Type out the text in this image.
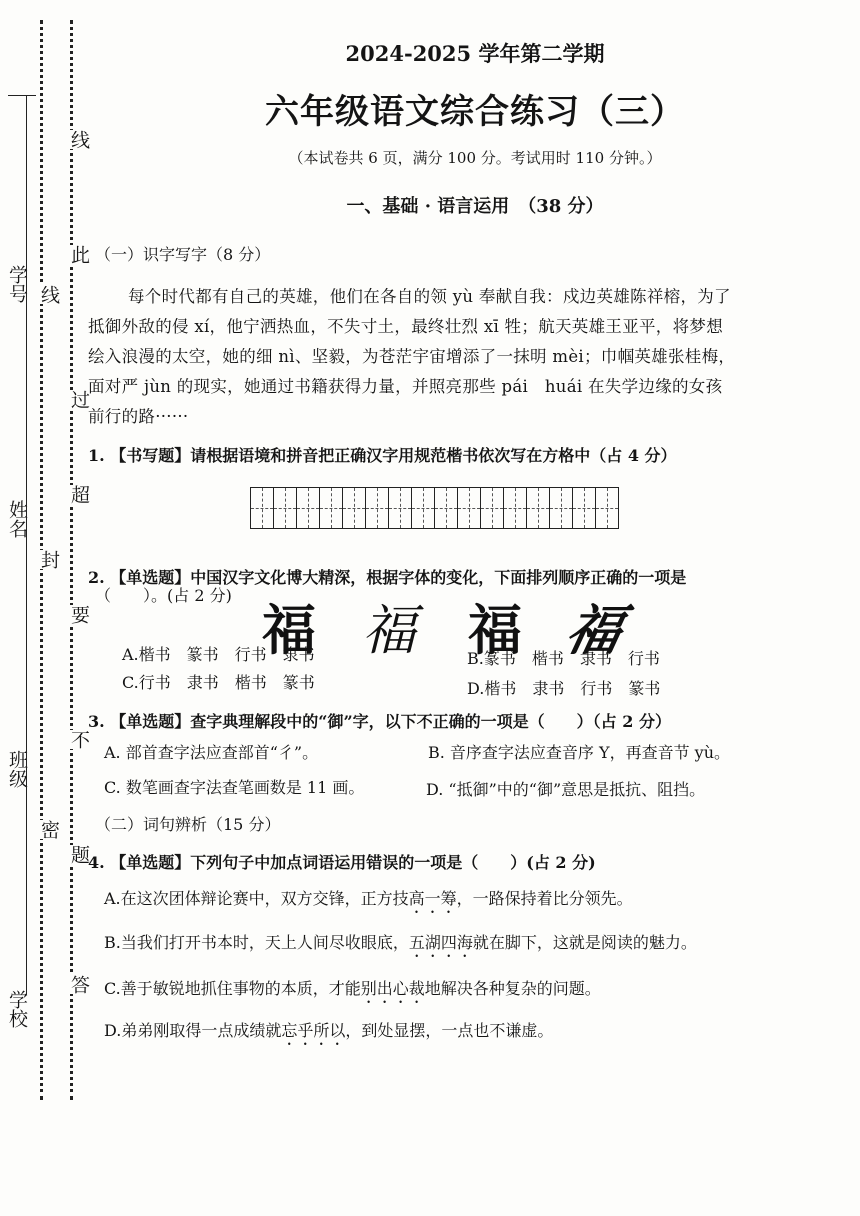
学号
姓名
班级
学校
线
封
密
线
此
过
超
要
不
题
答
2024-2025 学年第二学期
六年级语文综合练习（三）
（本试卷共 6 页，满分 100 分。考试用时 110 分钟。）
一、基础 · 语言运用　（38 分）
（一）识字写字（8 分）
每个时代都有自己的英雄，他们在各自的领 yù 奉献自我：戍边英雄陈祥榕，为了
抵御外敌的侵 xí，他宁洒热血，不失寸土，最终壮烈 xī 牲；航天英雄王亚平，将梦想
绘入浪漫的太空，她的细 nì、坚毅，为苍茫宇宙增添了一抹明 mèi；巾帼英雄张桂梅，
面对严 jùn 的现实，她通过书籍获得力量，并照亮那些 pái　huái 在失学边缘的女孩
前行的路······
1. 【书写题】请根据语境和拼音把正确汉字用规范楷书依次写在方格中（占 4 分）
2. 【单选题】中国汉字文化博大精深，根据字体的变化，下面排列顺序正确的一项是
（　　）。(占 2 分)
福 福 福 福
A.楷书　篆书　行书　隶书	B.篆书　楷书　隶书　行书
C.行书　隶书　楷书　篆书	D.楷书　隶书　行书　篆书
3. 【单选题】查字典理解段中的“御”字，以下不正确的一项是（　　）（占 2 分）
A. 部首查字法应查部首“彳”。	B. 音序查字法应查音序 Y，再查音节 yù。
C. 数笔画查字法查笔画数是 11 画。	D. “抵御”中的“御”意思是抵抗、阻挡。
（二）词句辨析（15 分）
4. 【单选题】下列句子中加点词语运用错误的一项是（　　）(占 2 分)
A.在这次团体辩论赛中，双方交锋，正方技高一筹，一路保持着比分领先。
B.当我们打开书本时，天上人间尽收眼底，五湖四海就在脚下，这就是阅读的魅力。
C.善于敏锐地抓住事物的本质，才能别出心裁地解决各种复杂的问题。
D.弟弟刚取得一点成绩就忘乎所以，到处显摆，一点也不谦虚。
